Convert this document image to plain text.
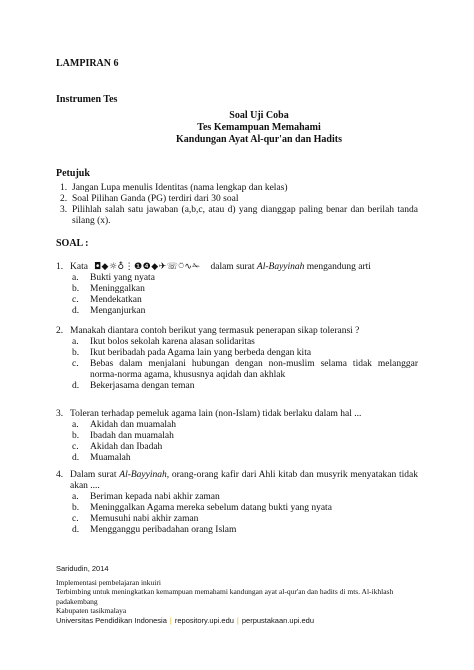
LAMPIRAN 6
Instrumen Tes
Soal Uji Coba
Tes Kemampuan Memahami
Kandungan Ayat Al-qur'an dan Hadits
Petujuk
1. Jangan Lupa menulis Identitas (nama lengkap dan kelas)
2. Soal Pilihan Ganda (PG) terdiri dari 30 soal
3. Pilihlah salah satu jawaban (a,b,c, atau d) yang dianggap paling benar dan berilah tanda silang (x).
SOAL :
1. Kata ◘◆☼♁⋮❶❹◆✈☏⍥∿✁ dalam surat Al-Bayyinah mengandung arti
a. Bukti yang nyata
b. Meninggalkan
c. Mendekatkan
d. Menganjurkan
2. Manakah diantara contoh berikut yang termasuk penerapan sikap toleransi ?
a. Ikut bolos sekolah karena alasan solidaritas
b. Ikut beribadah pada Agama lain yang berbeda dengan kita
c. Bebas dalam menjalani hubungan dengan non-muslim selama tidak melanggar norma-norma agama, khususnya aqidah dan akhlak
d. Bekerjasama dengan teman
3. Toleran terhadap pemeluk agama lain (non-Islam) tidak berlaku dalam hal ...
a. Akidah dan muamalah
b. Ibadah dan muamalah
c. Akidah dan Ibadah
d. Muamalah
4. Dalam surat Al-Bayyinah, orang-orang kafir dari Ahli kitab dan musyrik menyatakan tidak akan ....
a. Beriman kepada nabi akhir zaman
b. Meninggalkan Agama mereka sebelum datang bukti yang nyata
c. Memusuhi nabi akhir zaman
d. Mengganggu peribadahan orang Islam
Saridudin, 2014
Implementasi pembelajaran inkuiri
Terbimbing untuk meningkatkan kemampuan memahami kandungan ayat al-qur'an dan hadits di mts. Al-ikhlash padakembang
Kabupaten tasikmalaya
Universitas Pendidikan Indonesia | repository.upi.edu | perpustakaan.upi.edu
